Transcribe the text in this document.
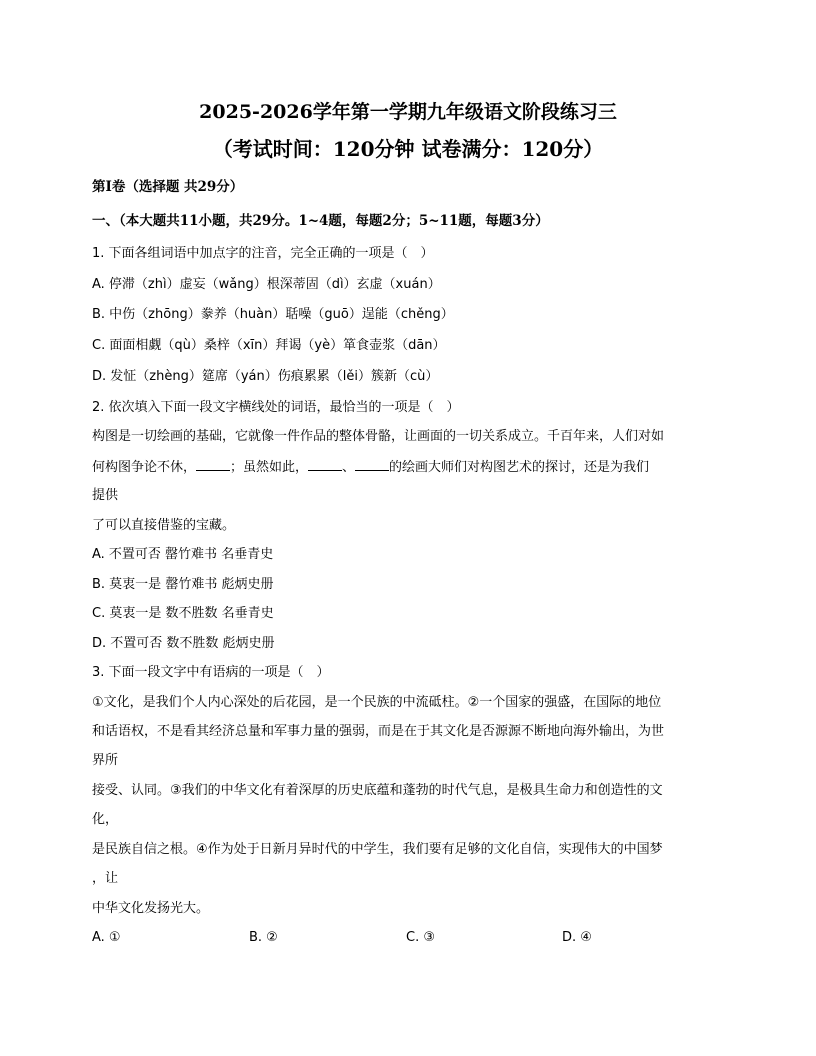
2025-2026学年第一学期九年级语文阶段练习三
（考试时间：120分钟 试卷满分：120分）
第Ⅰ卷（选择题 共29分）
一、（本大题共11小题，共29分。1~4题，每题2分；5~11题，每题3分）
1. 下面各组词语中加点字的注音，完全正确的一项是（　）
A. 停滞（zhì）虚妄（wǎng）根深蒂固（dì）玄虚（xuán）
B. 中伤（zhōng）豢养（huàn）聒噪（guō）逞能（chěng）
C. 面面相觑（qù）桑梓（xīn）拜谒（yè）箪食壶浆（dān）
D. 发怔（zhèng）筵席（yán）伤痕累累（lěi）簇新（cù）
2. 依次填入下面一段文字横线处的词语，最恰当的一项是（　）
构图是一切绘画的基础，它就像一件作品的整体骨骼，让画面的一切关系成立。千百年来，人们对如
何构图争论不休，	；虽然如此，	、	的绘画大师们对构图艺术的探讨，还是为我们
提供
了可以直接借鉴的宝藏。
A. 不置可否 罄竹难书 名垂青史
B. 莫衷一是 罄竹难书 彪炳史册
C. 莫衷一是 数不胜数 名垂青史
D. 不置可否 数不胜数 彪炳史册
3. 下面一段文字中有语病的一项是（　）
①文化，是我们个人内心深处的后花园，是一个民族的中流砥柱。②一个国家的强盛，在国际的地位
和话语权，不是看其经济总量和军事力量的强弱，而是在于其文化是否源源不断地向海外输出，为世
界所
接受、认同。③我们的中华文化有着深厚的历史底蕴和蓬勃的时代气息，是极具生命力和创造性的文
化，
是民族自信之根。④作为处于日新月异时代的中学生，我们要有足够的文化自信，实现伟大的中国梦
，让
中华文化发扬光大。
A. ①	B. ②	C. ③	D. ④
